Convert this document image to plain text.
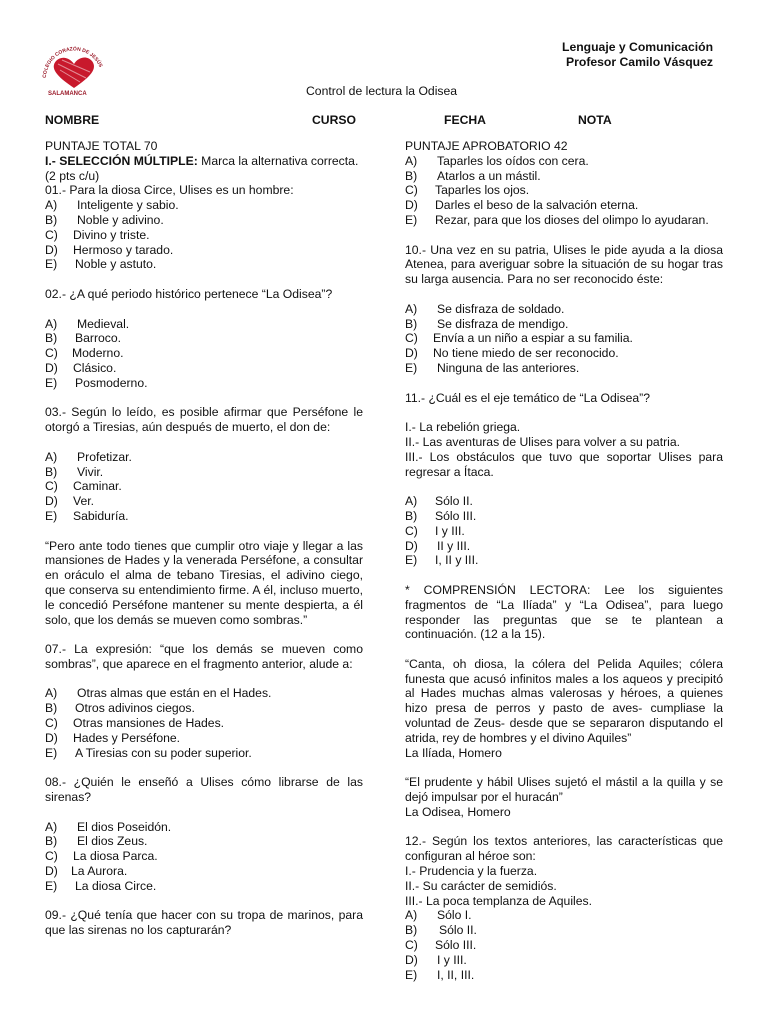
COLEGIO CORAZÓN DE JESÚS
SALAMANCA
Lenguaje y Comunicación
Profesor Camilo Vásquez
Control de lectura la Odisea
NOMBRE	CURSO	FECHA	NOTA

PUNTAJE TOTAL 70

I.- SELECCIÓN MÚLTIPLE: Marca la alternativa correcta.

(2 pts c/u)

01.- Para la diosa Circe, Ulises es un hombre:

A) Inteligente y sabio.
B) Noble y adivino.
C) Divino y triste.
D) Hermoso y tarado.
E) Noble y astuto.

02.- ¿A qué periodo histórico pertenece “La Odisea”?

A) Medieval.
B) Barroco.
C) Moderno.
D) Clásico.
E) Posmoderno.

03.- Según lo leído, es posible afirmar que Perséfone le otorgó a Tiresias, aún después de muerto, el don de:

A) Profetizar.
B) Vivir.
C) Caminar.
D) Ver.
E) Sabiduría.

“Pero ante todo tienes que cumplir otro viaje y llegar a las mansiones de Hades y la venerada Perséfone, a consultar en oráculo el alma de tebano Tiresias, el adivino ciego, que conserva su entendimiento firme. A él, incluso muerto, le concedió Perséfone mantener su mente despierta, a él solo, que los demás se mueven como sombras.”

07.- La expresión: “que los demás se mueven como sombras”, que aparece en el fragmento anterior, alude a:

A) Otras almas que están en el Hades.
B) Otros adivinos ciegos.
C) Otras mansiones de Hades.
D) Hades y Perséfone.
E) A Tiresias con su poder superior.

08.- ¿Quién le enseñó a Ulises cómo librarse de las sirenas?

A) El dios Poseidón.
B) El dios Zeus.
C) La diosa Parca.
D) La Aurora.
E) La diosa Circe.

09.- ¿Qué tenía que hacer con su tropa de marinos, para que las sirenas no los capturarán?

PUNTAJE APROBATORIO 42

A) Taparles los oídos con cera.
B) Atarlos a un mástil.
C) Taparles los ojos.
D) Darles el beso de la salvación eterna.
E) Rezar, para que los dioses del olimpo lo ayudaran.

10.- Una vez en su patria, Ulises le pide ayuda a la diosa Atenea, para averiguar sobre la situación de su hogar tras su larga ausencia. Para no ser reconocido éste:

A) Se disfraza de soldado.
B) Se disfraza de mendigo.
C) Envía a un niño a espiar a su familia.
D) No tiene miedo de ser reconocido.
E) Ninguna de las anteriores.

11.- ¿Cuál es el eje temático de “La Odisea”?

I.- La rebelión griega.

II.- Las aventuras de Ulises para volver a su patria.

III.- Los obstáculos que tuvo que soportar Ulises para regresar a Ítaca.

A) Sólo II.
B) Sólo III.
C) I y III.
D) II y III.
E) I, II y III.

* COMPRENSIÓN LECTORA: Lee los siguientes fragmentos de “La Ilíada” y “La Odisea”, para luego responder las preguntas que se te plantean a continuación. (12 a la 15).

“Canta, oh diosa, la cólera del Pelida Aquiles; cólera funesta que acusó infinitos males a los aqueos y precipitó al Hades muchas almas valerosas y héroes, a quienes hizo presa de perros y pasto de aves- cumpliase la voluntad de Zeus- desde que se separaron disputando el atrida, rey de hombres y el divino Aquiles”

La Ilíada, Homero

“El prudente y hábil Ulises sujetó el mástil a la quilla y se dejó impulsar por el huracán”

La Odisea, Homero

12.- Según los textos anteriores, las características que configuran al héroe son:

I.- Prudencia y la fuerza.

II.- Su carácter de semidiós.

III.- La poca templanza de Aquiles.

A) Sólo I.
B) Sólo II.
C) Sólo III.
D) I y III.
E) I, II, III.
